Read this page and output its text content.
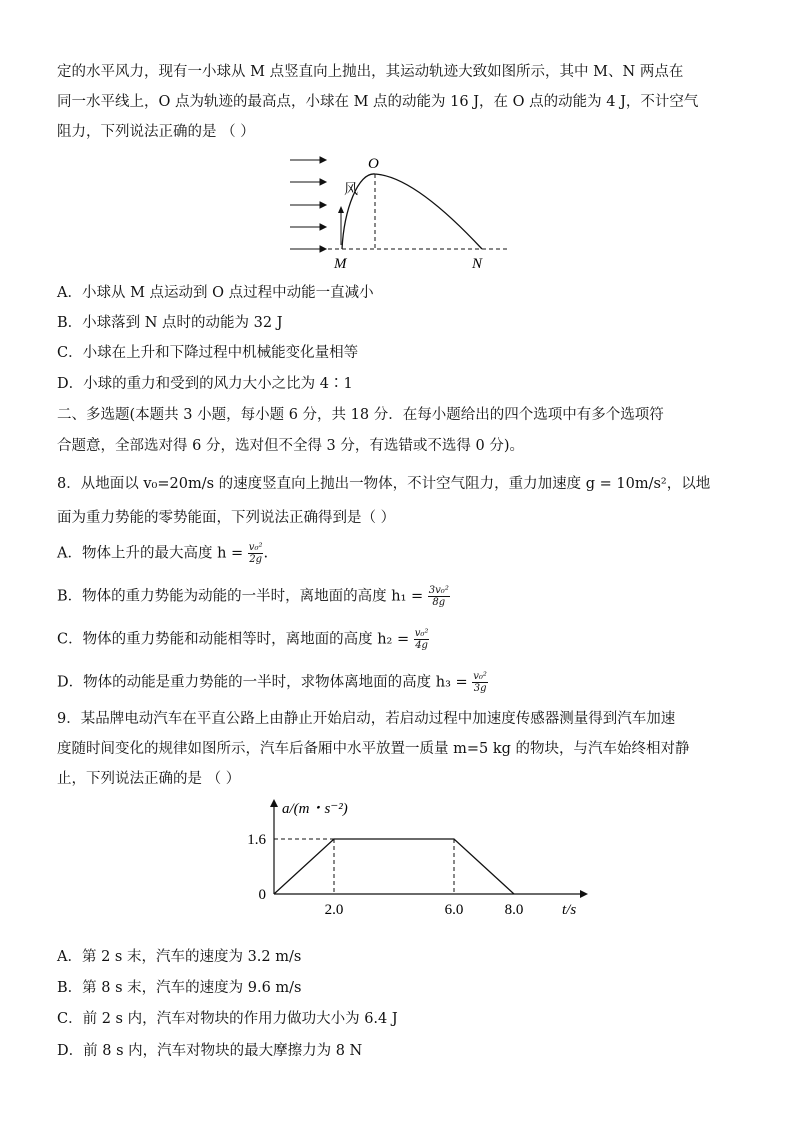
定的水平风力，现有一小球从 M 点竖直向上抛出，其运动轨迹大致如图所示，其中 M、N 两点在
同一水平线上，O 点为轨迹的最高点，小球在 M 点的动能为 16 J，在 O 点的动能为 4 J，不计空气
阻力，下列说法正确的是 （ ）
O
M	N
风
A．小球从 M 点运动到 O 点过程中动能一直减小
B．小球落到 N 点时的动能为 32 J
C．小球在上升和下降过程中机械能变化量相等
D．小球的重力和受到的风力大小之比为 4∶1
二、多选题(本题共 3 小题，每小题 6 分，共 18 分．在每小题给出的四个选项中有多个选项符
合题意，全部选对得 6 分，选对但不全得 3 分，有选错或不选得 0 分)。
8．从地面以 v₀=20m/s 的速度竖直向上抛出一物体，不计空气阻力，重力加速度 g = 10m/s²，以地
面为重力势能的零势能面，下列说法正确得到是（ ）
A．物体上升的最大高度 $h = \frac{\text{v₀²}}{2g}$ .
B．物体的重力势能为动能的一半时，离地面的高度 $h_1 = \frac{\text{3v₀²}}{8g}$
C．物体的重力势能和动能相等时，离地面的高度 $h_2 = \frac{\text{v₀²}}{4g}$
D．物体的动能是重力势能的一半时，求物体离地面的高度 $h_3 = \frac{\text{v₀²}}{3g}$
9．某品牌电动汽车在平直公路上由静止开始启动，若启动过程中加速度传感器测量得到汽车加速
度随时间变化的规律如图所示，汽车后备厢中水平放置一质量 m=5 kg 的物块，与汽车始终相对静
止，下列说法正确的是 （ ）
2.0	6.0	8.0
1.6
0
a/(m・s⁻²)
t/s
A．第 2 s 末，汽车的速度为 3.2 m/s
B．第 8 s 末，汽车的速度为 9.6 m/s
C．前 2 s 内，汽车对物块的作用力做功大小为 6.4 J
D．前 8 s 内，汽车对物块的最大摩擦力为 8 N
